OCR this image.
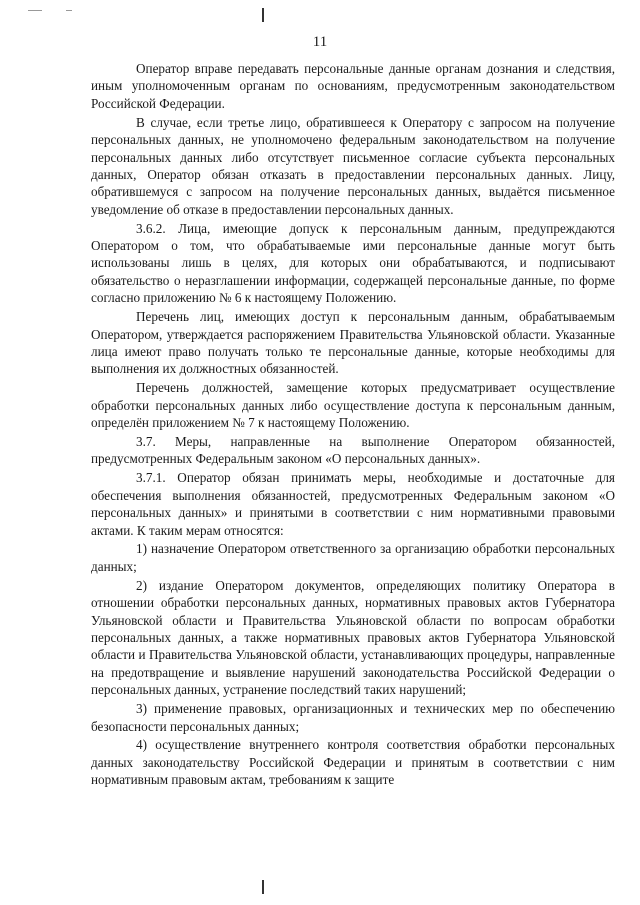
11

Оператор вправе передавать персональные данные органам дознания и следствия, иным уполномоченным органам по основаниям, предусмотренным законодательством Российской Федерации.

В случае, если третье лицо, обратившееся к Оператору с запросом на получение персональных данных, не уполномочено федеральным законодательством на получение персональных данных либо отсутствует письменное согласие субъекта персональных данных, Оператор обязан отказать в предоставлении персональных данных. Лицу, обратившемуся с запросом на получение персональных данных, выдаётся письменное уведомление об отказе в предоставлении персональных данных.

3.6.2. Лица, имеющие допуск к персональным данным, предупреждаются Оператором о том, что обрабатываемые ими персональные данные могут быть использованы лишь в целях, для которых они обрабатываются, и подписывают обязательство о неразглашении информации, содержащей персональные данные, по форме согласно приложению № 6 к настоящему Положению.

Перечень лиц, имеющих доступ к персональным данным, обрабатываемым Оператором, утверждается распоряжением Правительства Ульяновской области. Указанные лица имеют право получать только те персональные данные, которые необходимы для выполнения их должностных обязанностей.

Перечень должностей, замещение которых предусматривает осуществление обработки персональных данных либо осуществление доступа к персональным данным, определён приложением № 7 к настоящему Положению.

3.7. Меры, направленные на выполнение Оператором обязанностей, предусмотренных Федеральным законом «О персональных данных».

3.7.1. Оператор обязан принимать меры, необходимые и достаточные для обеспечения выполнения обязанностей, предусмотренных Федеральным законом «О персональных данных» и принятыми в соответствии с ним нормативными правовыми актами. К таким мерам относятся:

1) назначение Оператором ответственного за организацию обработки персональных данных;

2) издание Оператором документов, определяющих политику Оператора в отношении обработки персональных данных, нормативных правовых актов Губернатора Ульяновской области и Правительства Ульяновской области по вопросам обработки персональных данных, а также нормативных правовых актов Губернатора Ульяновской области и Правительства Ульяновской области, устанавливающих процедуры, направленные на предотвращение и выявление нарушений законодательства Российской Федерации о персональных данных, устранение последствий таких нарушений;

3) применение правовых, организационных и технических мер по обеспечению безопасности персональных данных;

4) осуществление внутреннего контроля соответствия обработки персональных данных законодательству Российской Федерации и принятым в соответствии с ним нормативным правовым актам, требованиям к защите
